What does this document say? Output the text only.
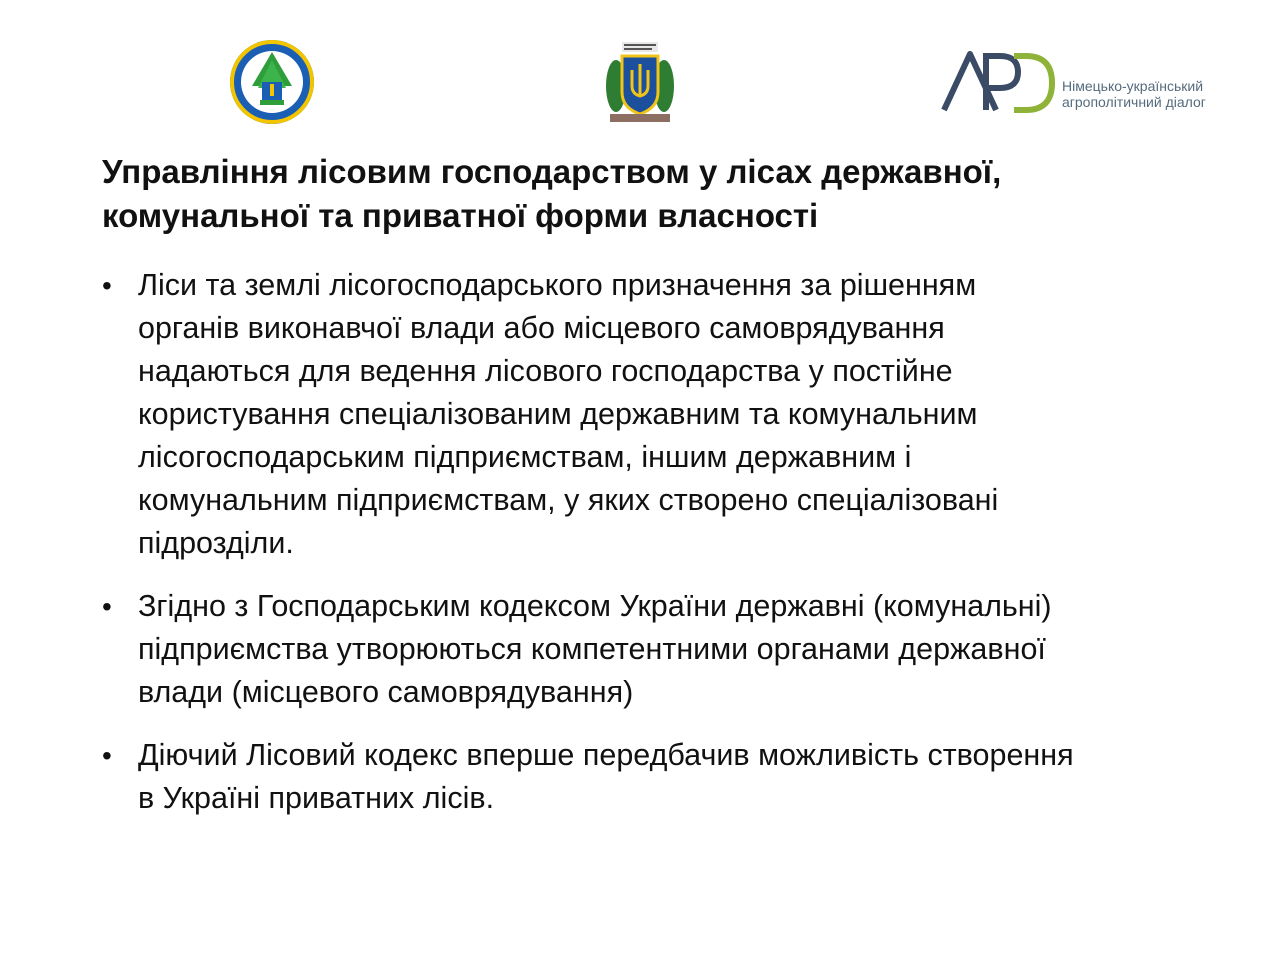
Німецько-український
агрополітичний діалог
Управління лісовим господарством у лісах державної,
комунальної та приватної форми власності
• Ліси та землі лісогосподарського призначення за рішенням
органів виконавчої влади або місцевого самоврядування
надаються для ведення лісового господарства у постійне
користування спеціалізованим державним та комунальним
лісогосподарським підприємствам, іншим державним і
комунальним підприємствам, у яких створено спеціалізовані
підрозділи.
• Згідно з Господарським кодексом України державні (комунальні)
підприємства утворюються компетентними органами державної
влади (місцевого самоврядування)
• Діючий Лісовий кодекс вперше передбачив можливість створення
в Україні приватних лісів.
